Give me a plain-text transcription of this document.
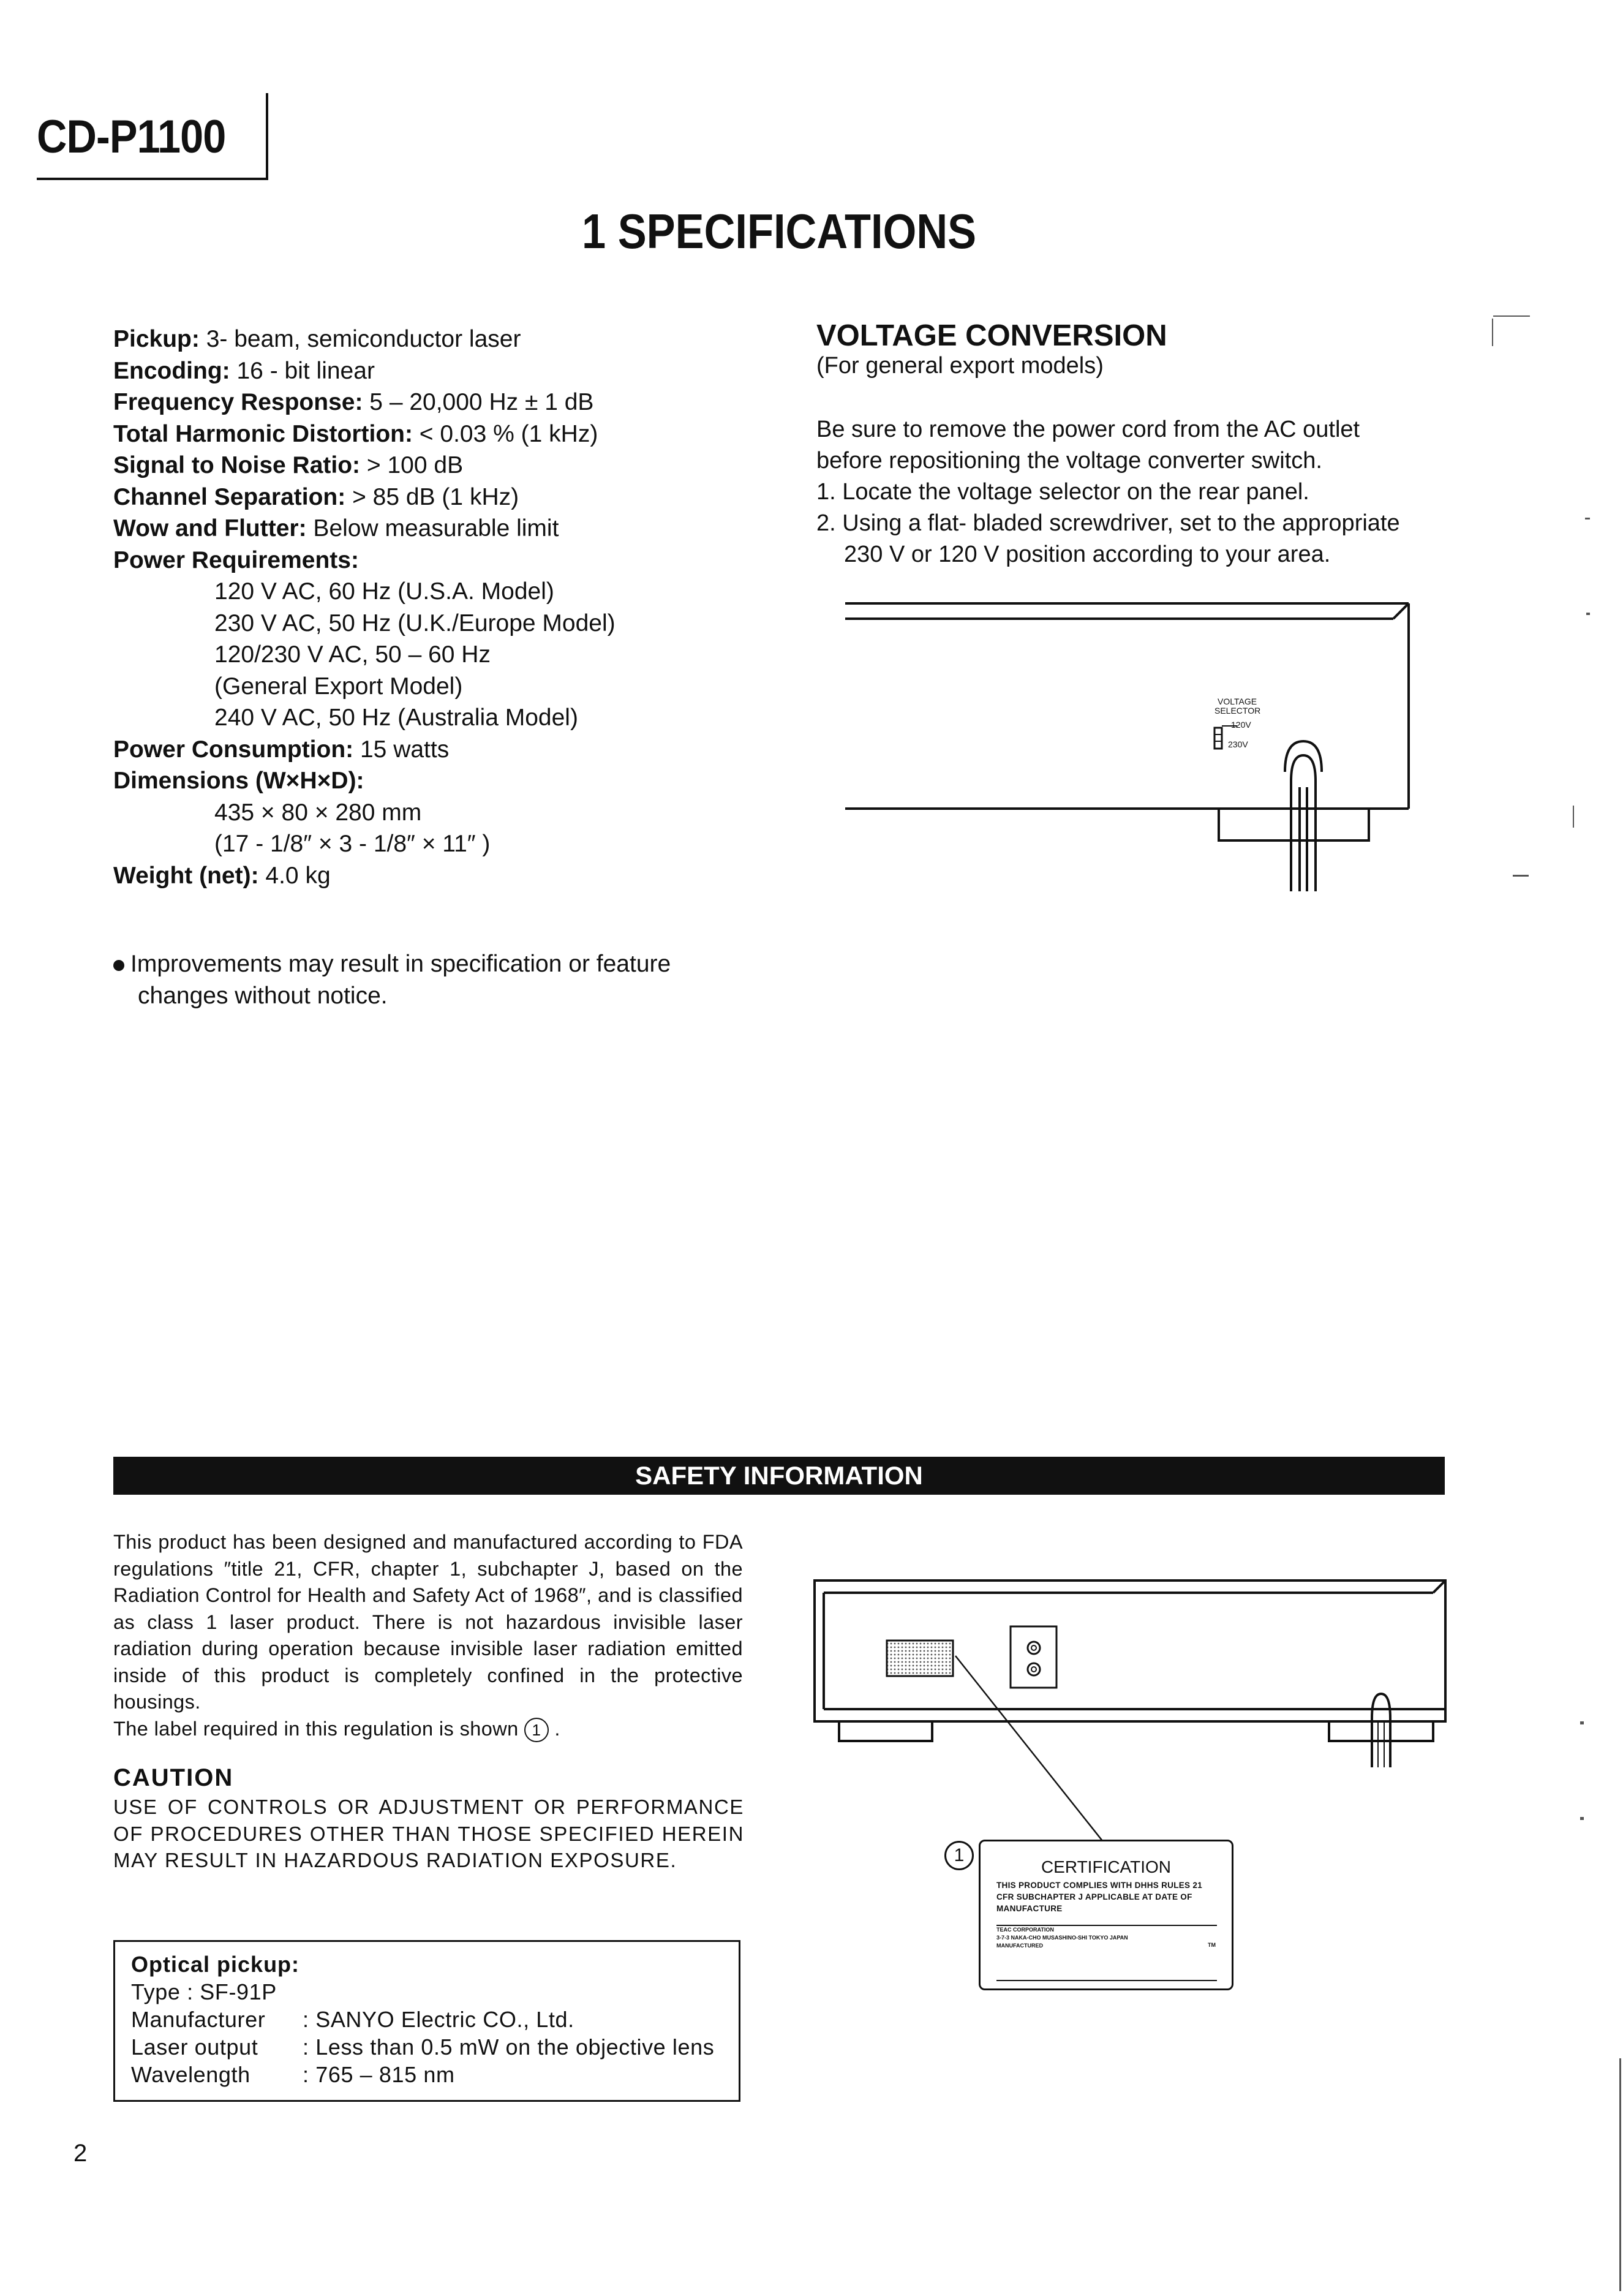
CD-P1100
1 SPECIFICATIONS
Pickup: 3- beam, semiconductor laser
Encoding: 16 - bit linear
Frequency Response: 5 – 20,000 Hz ± 1 dB
Total Harmonic Distortion: < 0.03 % (1 kHz)
Signal to Noise Ratio: > 100 dB
Channel Separation: > 85 dB (1 kHz)
Wow and Flutter: Below measurable limit
Power Requirements:
120 V AC, 60 Hz (U.S.A. Model)
230 V AC, 50 Hz (U.K./Europe Model)
120/230 V AC, 50 – 60 Hz
(General Export Model)
240 V AC, 50 Hz (Australia Model)
Power Consumption: 15 watts
Dimensions (W×H×D):
435 × 80 × 280 mm
(17 - 1/8″ × 3 - 1/8″ × 11″ )
Weight (net): 4.0 kg
Improvements may result in specification or feature
changes without notice.
VOLTAGE CONVERSION
(For general export models)
Be sure to remove the power cord from the AC outlet
before repositioning the voltage converter switch.
1. Locate the voltage selector on the rear panel.
2. Using a flat- bladed screwdriver, set to the appropriate
230 V or 120 V position according to your area.
VOLTAGE
SELECTOR
120V
230V
SAFETY INFORMATION
This product has been designed and manufactured according to FDA regulations ″title 21, CFR, chapter 1, subchapter J, based on the Radiation Control for Health and Safety Act of 1968″, and is classified as class 1 laser product. There is not hazardous invisible laser radiation during operation because invisible laser radiation emitted inside of this product is completely confined in the protective housings.
The label required in this regulation is shown 1 .
CAUTION
USE OF CONTROLS OR ADJUSTMENT OR PERFORMANCE OF PROCEDURES OTHER THAN THOSE SPECIFIED HEREIN MAY RESULT IN HAZARDOUS RADIATION EXPOSURE.
Optical pickup:
Type : SF-91P
Manufacturer : SANYO Electric CO., Ltd.
Laser output : Less than 0.5 mW on the objective lens
Wavelength : 765 – 815 nm
1
CERTIFICATION
THIS PRODUCT COMPLIES WITH DHHS RULES 21 CFR SUBCHAPTER J APPLICABLE AT DATE OF MANUFACTURE
TEAC CORPORATION
3-7-3 NAKA-CHO MUSASHINO-SHI TOKYO JAPAN
MANUFACTURED	TM
2
